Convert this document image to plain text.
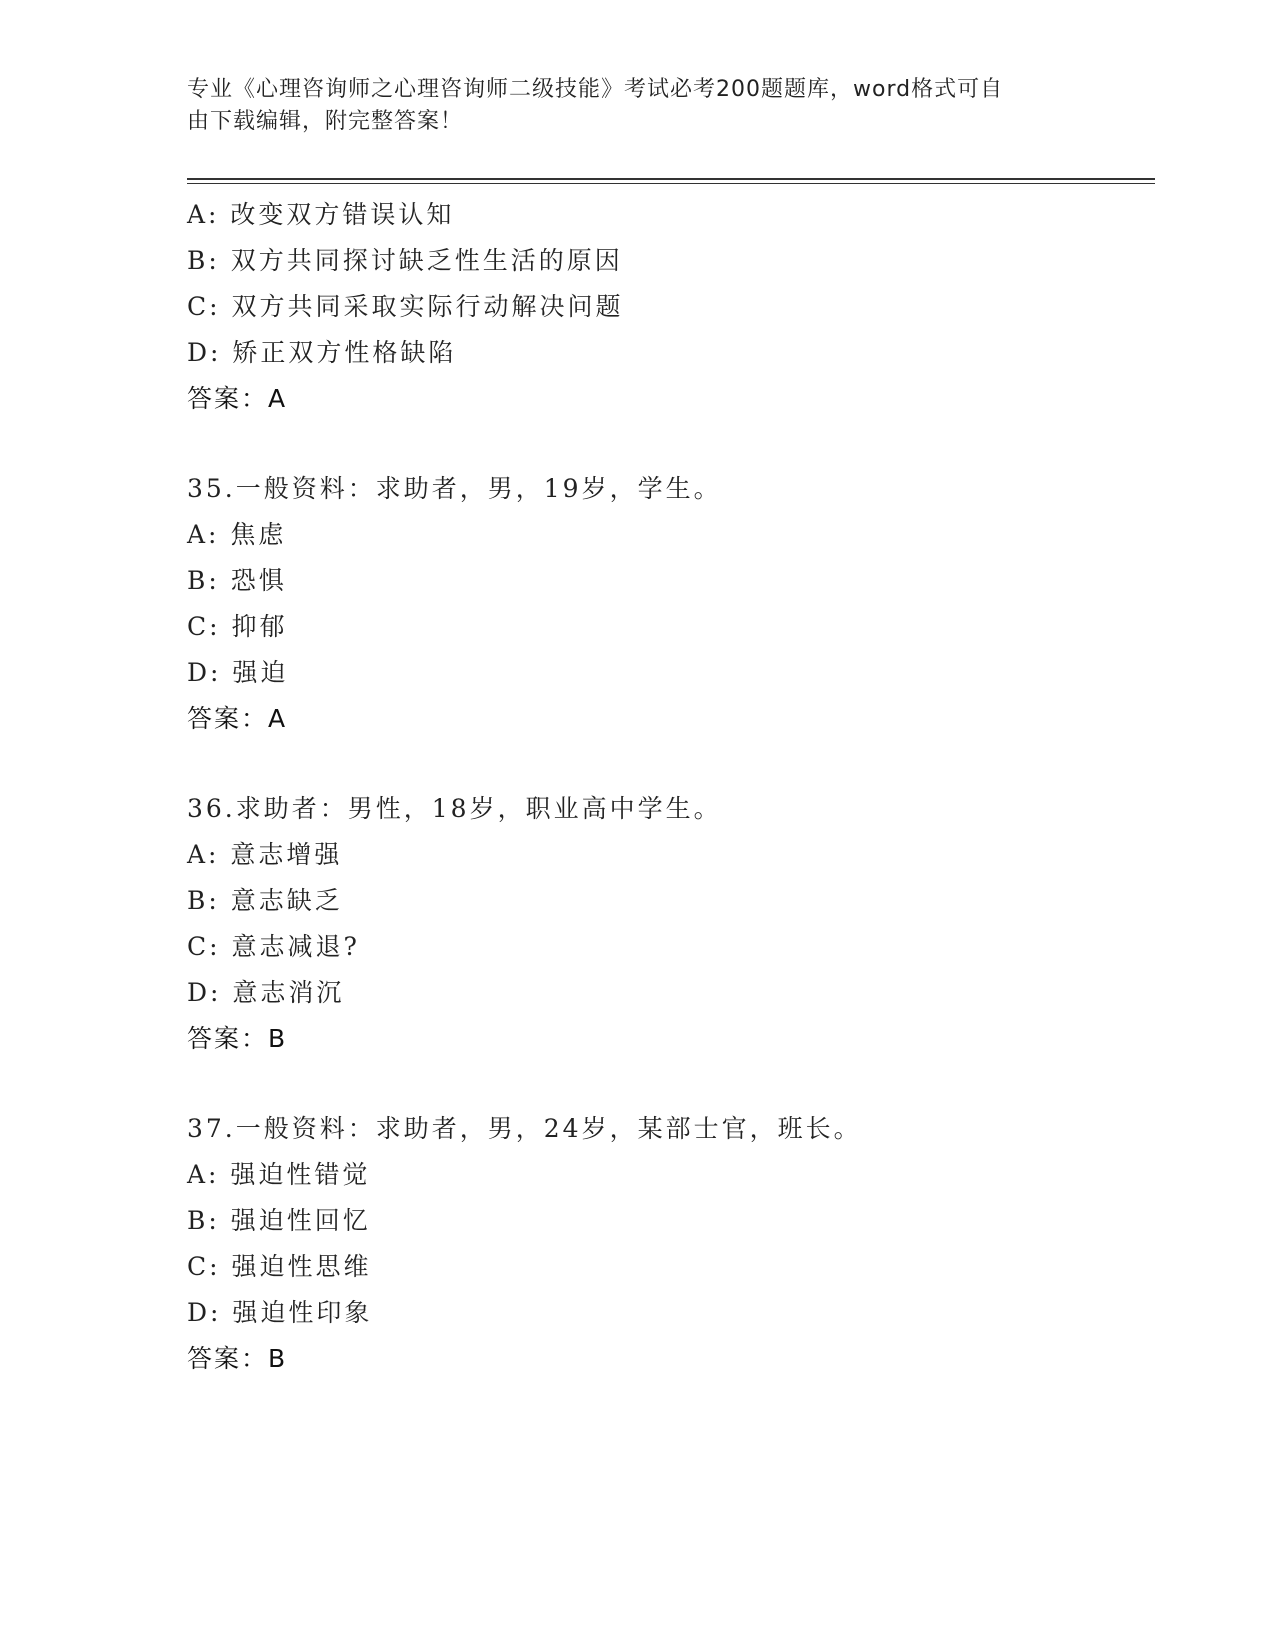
专业《心理咨询师之心理咨询师二级技能》考试必考200题题库，word格式可自
由下载编辑，附完整答案！
A: 改变双方错误认知
B: 双方共同探讨缺乏性生活的原因
C: 双方共同采取实际行动解决问题
D: 矫正双方性格缺陷
答案：A
35.一般资料：求助者，男，19岁，学生。
A: 焦虑
B: 恐惧
C: 抑郁
D: 强迫
答案：A
36.求助者：男性，18岁，职业高中学生。
A: 意志增强
B: 意志缺乏
C: 意志减退?
D: 意志消沉
答案：B
37.一般资料：求助者，男，24岁，某部士官，班长。
A: 强迫性错觉
B: 强迫性回忆
C: 强迫性思维
D: 强迫性印象
答案：B
